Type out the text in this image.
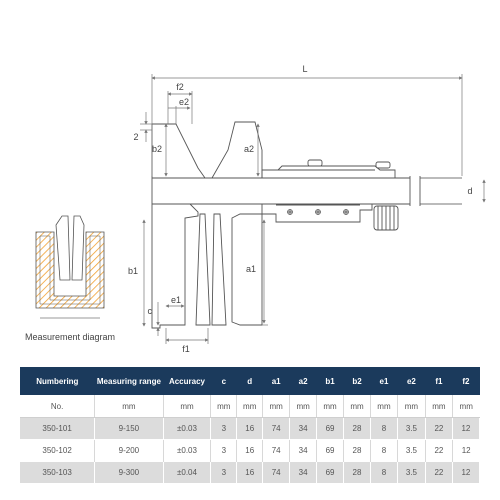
L
f2
e2
2
b2	a2
d
b1	a1
c
e1
f1
Measurement diagram
Numbering	Measuring range	Accuracy	c	d	a1	a2	b1	b2	e1	e2	f1	f2
No.	mm	mm	mm	mm	mm	mm	mm	mm	mm	mm	mm	mm
350-101	9-150	±0.03	3	16	74	34	69	28	8	3.5	22	12
350-102	9-200	±0.03	3	16	74	34	69	28	8	3.5	22	12
350-103	9-300	±0.04	3	16	74	34	69	28	8	3.5	22	12
